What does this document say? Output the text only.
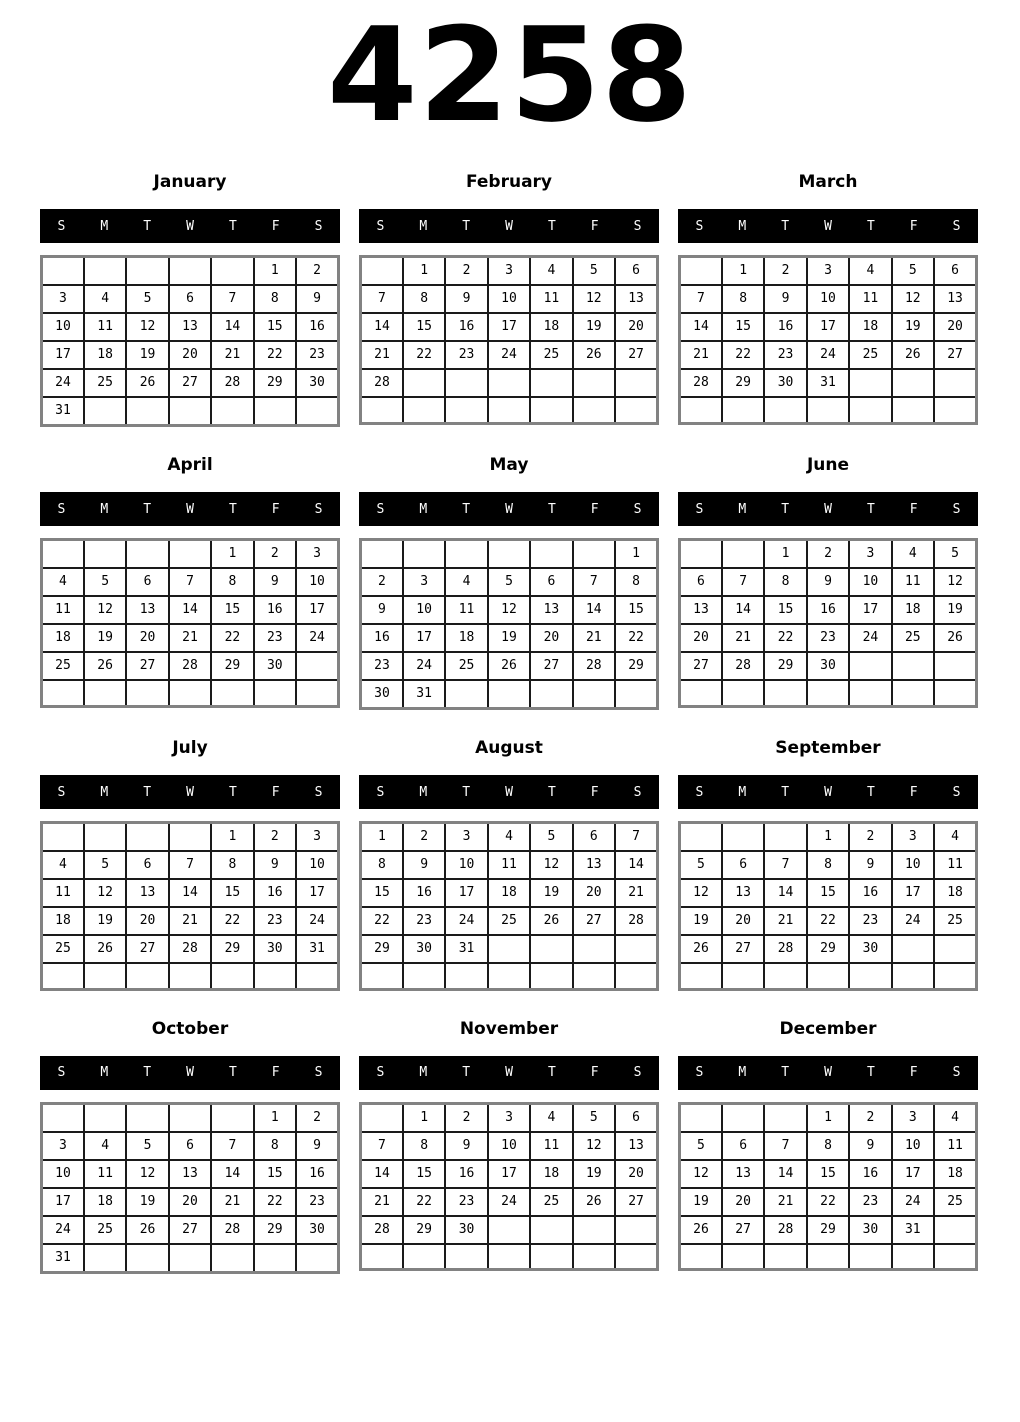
4258
January
S	M	T	W	T	F	S
					1	2
3	4	5	6	7	8	9
10	11	12	13	14	15	16
17	18	19	20	21	22	23
24	25	26	27	28	29	30
31						
February
S	M	T	W	T	F	S
	1	2	3	4	5	6
7	8	9	10	11	12	13
14	15	16	17	18	19	20
21	22	23	24	25	26	27
28						

March
S	M	T	W	T	F	S
	1	2	3	4	5	6
7	8	9	10	11	12	13
14	15	16	17	18	19	20
21	22	23	24	25	26	27
28	29	30	31			

April
S	M	T	W	T	F	S
				1	2	3
4	5	6	7	8	9	10
11	12	13	14	15	16	17
18	19	20	21	22	23	24
25	26	27	28	29	30	

May
S	M	T	W	T	F	S
						1
2	3	4	5	6	7	8
9	10	11	12	13	14	15
16	17	18	19	20	21	22
23	24	25	26	27	28	29
30	31					
June
S	M	T	W	T	F	S
		1	2	3	4	5
6	7	8	9	10	11	12
13	14	15	16	17	18	19
20	21	22	23	24	25	26
27	28	29	30			

July
S	M	T	W	T	F	S
				1	2	3
4	5	6	7	8	9	10
11	12	13	14	15	16	17
18	19	20	21	22	23	24
25	26	27	28	29	30	31

August
S	M	T	W	T	F	S
1	2	3	4	5	6	7
8	9	10	11	12	13	14
15	16	17	18	19	20	21
22	23	24	25	26	27	28
29	30	31				

September
S	M	T	W	T	F	S
			1	2	3	4
5	6	7	8	9	10	11
12	13	14	15	16	17	18
19	20	21	22	23	24	25
26	27	28	29	30		

October
S	M	T	W	T	F	S
					1	2
3	4	5	6	7	8	9
10	11	12	13	14	15	16
17	18	19	20	21	22	23
24	25	26	27	28	29	30
31						
November
S	M	T	W	T	F	S
	1	2	3	4	5	6
7	8	9	10	11	12	13
14	15	16	17	18	19	20
21	22	23	24	25	26	27
28	29	30				

December
S	M	T	W	T	F	S
			1	2	3	4
5	6	7	8	9	10	11
12	13	14	15	16	17	18
19	20	21	22	23	24	25
26	27	28	29	30	31	
